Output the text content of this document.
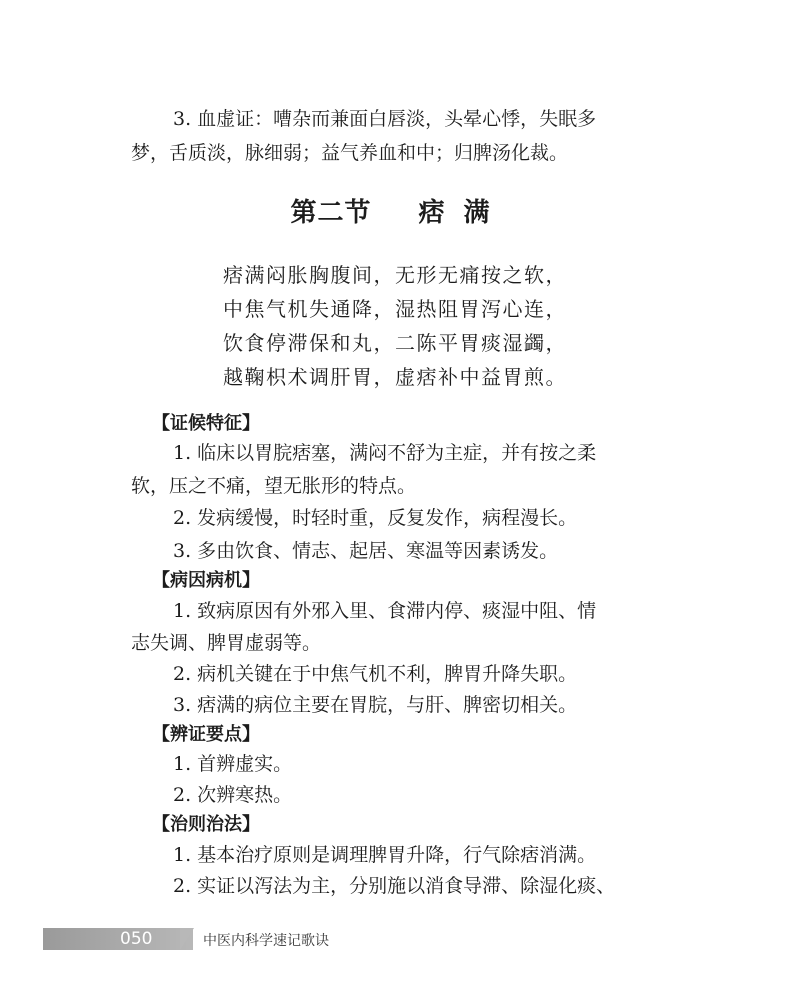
3. 血虚证：嘈杂而兼面白唇淡，头晕心悸，失眠多
梦，舌质淡，脉细弱；益气养血和中；归脾汤化裁。
第二节 痞 满
痞满闷胀胸腹间，无形无痛按之软，
中焦气机失通降，湿热阻胃泻心连，
饮食停滞保和丸，二陈平胃痰湿蠲，
越鞠枳术调肝胃，虚痞补中益胃煎。
【证候特征】
1. 临床以胃脘痞塞，满闷不舒为主症，并有按之柔
软，压之不痛，望无胀形的特点。
2. 发病缓慢，时轻时重，反复发作，病程漫长。
3. 多由饮食、情志、起居、寒温等因素诱发。
【病因病机】
1. 致病原因有外邪入里、食滞内停、痰湿中阻、情
志失调、脾胃虚弱等。
2. 病机关键在于中焦气机不利，脾胃升降失职。
3. 痞满的病位主要在胃脘，与肝、脾密切相关。
【辨证要点】
1. 首辨虚实。
2. 次辨寒热。
【治则治法】
1. 基本治疗原则是调理脾胃升降，行气除痞消满。
2. 实证以泻法为主，分别施以消食导滞、除湿化痰、
050	中医内科学速记歌诀
